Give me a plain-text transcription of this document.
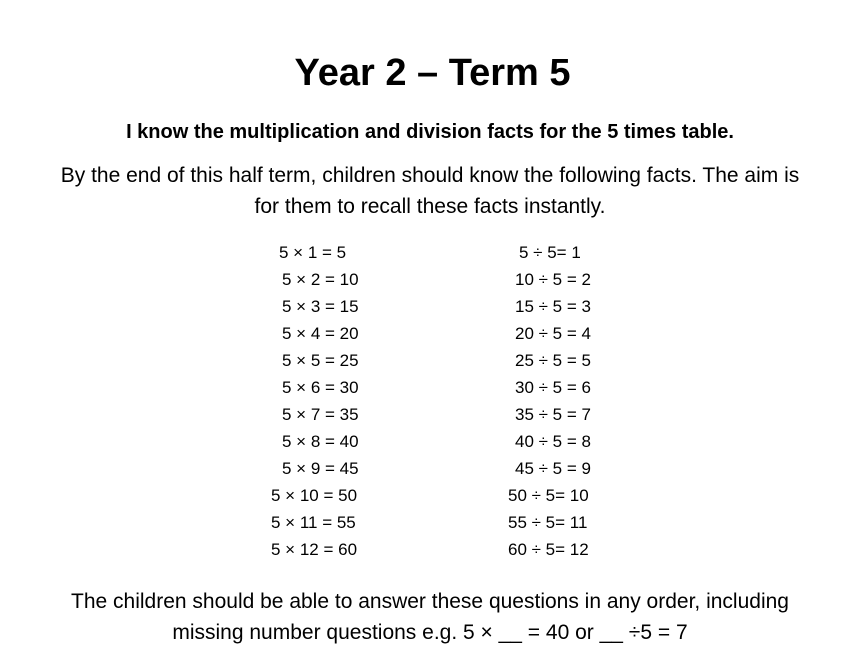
Year 2 – Term 5

I know the multiplication and division facts for the 5 times table.

By the end of this half term, children should know the following facts. The aim is for them to recall these facts instantly.

5 × 1 = 5
5 × 2 = 10
5 × 3 = 15
5 × 4 = 20
5 × 5 = 25
5 × 6 = 30
5 × 7 = 35
5 × 8 = 40
5 × 9 = 45
5 × 10 = 50
5 × 11 = 55
5 × 12 = 60
5 ÷ 5= 1
10 ÷ 5 = 2
15 ÷ 5 = 3
20 ÷ 5 = 4
25 ÷ 5 = 5
30 ÷ 5 = 6
35 ÷ 5 = 7
40 ÷ 5 = 8
45 ÷ 5 = 9
50 ÷ 5= 10
55 ÷ 5= 11
60 ÷ 5= 12

The children should be able to answer these questions in any order, including missing number questions e.g. 5 × __ = 40 or __ ÷5 = 7
